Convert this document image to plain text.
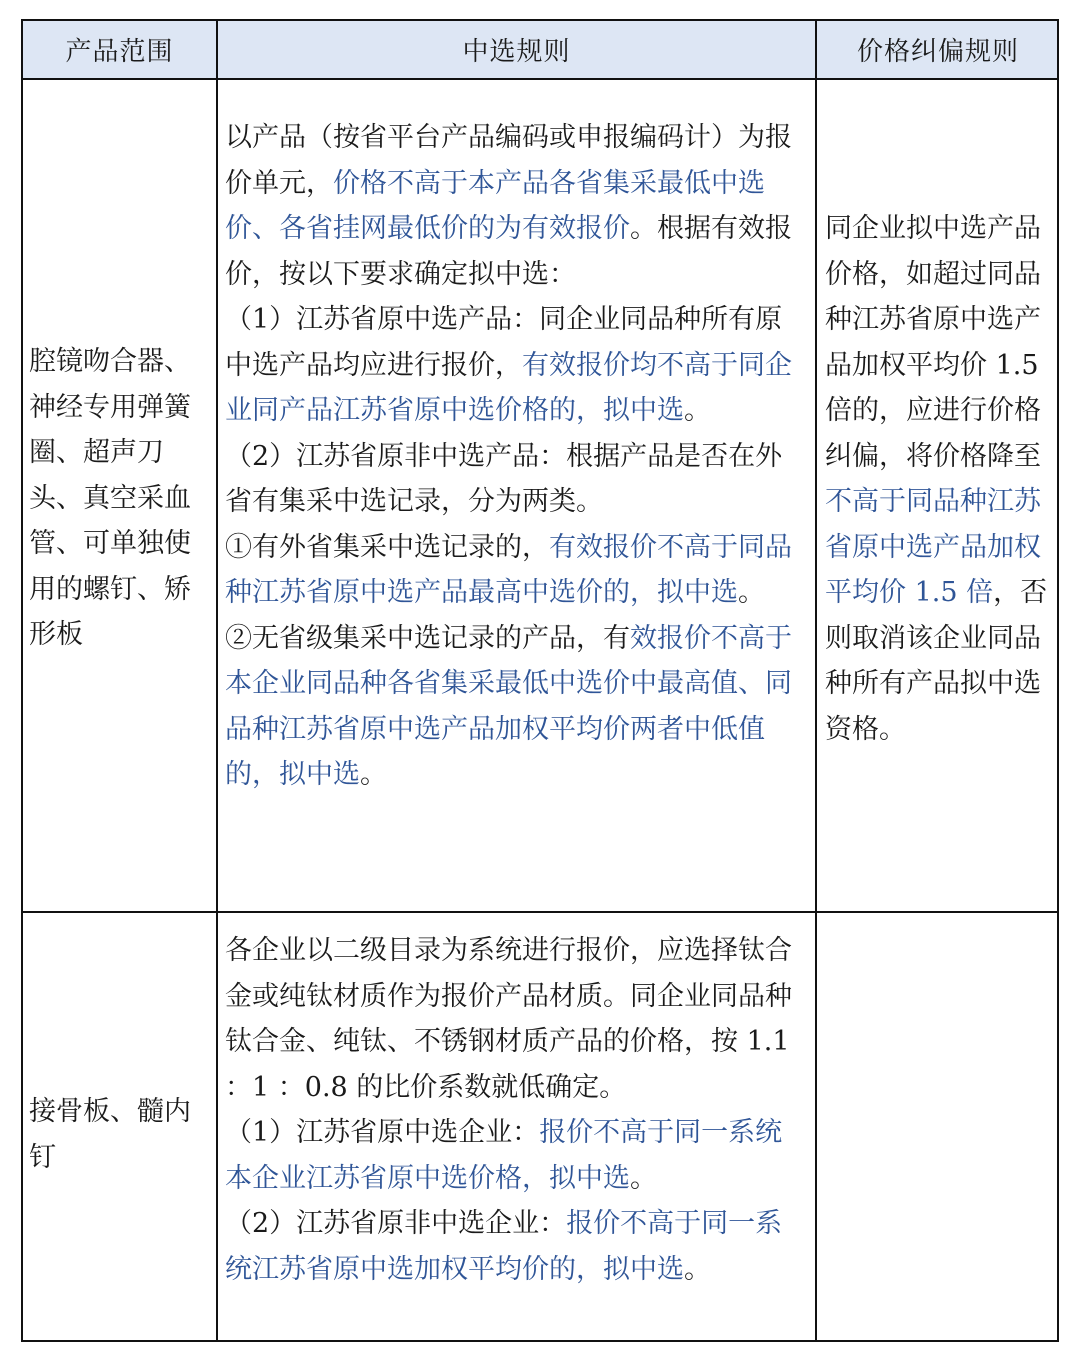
产品范围	中选规则	价格纠偏规则
腔镜吻合器、神经专用弹簧圈、超声刀头、真空采血管、可单独使用的螺钉、矫形板

以产品（按省平台产品编码或申报编码计）为报价单元，价格不高于本产品各省集采最低中选价、各省挂网最低价的为有效报价。根据有效报价，按以下要求确定拟中选：

（1）江苏省原中选产品：同企业同品种所有原中选产品均应进行报价，有效报价均不高于同企业同产品江苏省原中选价格的，拟中选。

（2）江苏省原非中选产品：根据产品是否在外省有集采中选记录，分为两类。

①有外省集采中选记录的，有效报价不高于同品种江苏省原中选产品最高中选价的，拟中选。

②无省级集采中选记录的产品，有效报价不高于本企业同品种各省集采最低中选价中最高值、同品种江苏省原中选产品加权平均价两者中低值的，拟中选。

同企业拟中选产品价格，如超过同品种江苏省原中选产品加权平均价 1.5 倍的，应进行价格纠偏，将价格降至不高于同品种江苏省原中选产品加权平均价 1.5 倍，否则取消该企业同品种所有产品拟中选资格。
接骨板、髓内钉

各企业以二级目录为系统进行报价，应选择钛合金或纯钛材质作为报价产品材质。同企业同品种钛合金、纯钛、不锈钢材质产品的价格，按 1.1 ：1 ：0.8 的比价系数就低确定。

（1）江苏省原中选企业：报价不高于同一系统本企业江苏省原中选价格，拟中选。

（2）江苏省原非中选企业：报价不高于同一系统江苏省原中选加权平均价的，拟中选。
